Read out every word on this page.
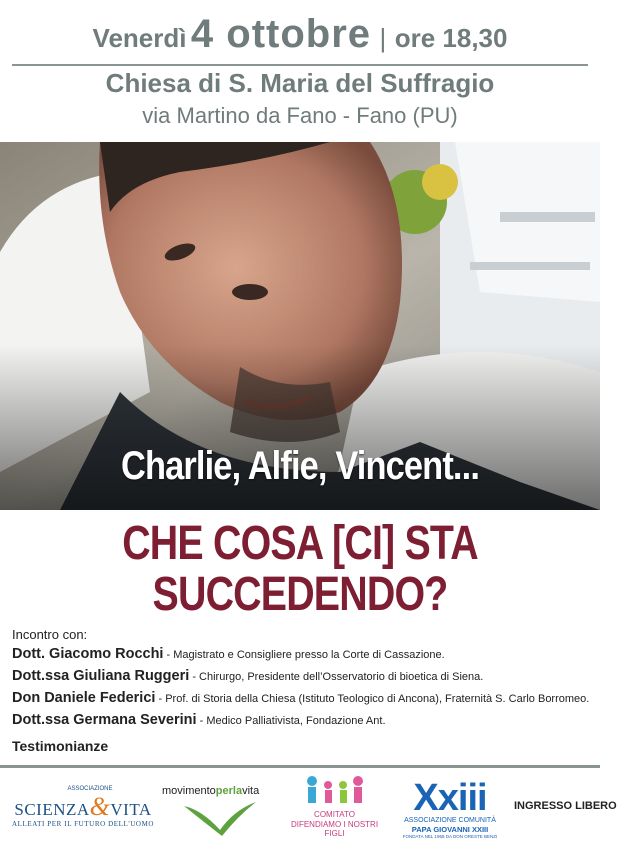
Venerdì 4 ottobre | ore 18,30
Chiesa di S. Maria del Suffragio
via Martino da Fano - Fano (PU)
Charlie, Alfie, Vincent...
CHE COSA [CI] STA
SUCCEDENDO?
Incontro con:
Dott. Giacomo Rocchi - Magistrato e Consigliere presso la Corte di Cassazione.
Dott.ssa Giuliana Ruggeri - Chirurgo, Presidente dell’Osservatorio di bioetica di Siena.
Don Daniele Federici - Prof. di Storia della Chiesa (Istituto Teologico di Ancona), Fraternità S. Carlo Borromeo.
Dott.ssa Germana Severini - Medico Palliativista, Fondazione Ant.
Testimonianze
ASSOCIAZIONE
SCIENZA&VITA
ALLEATI PER IL FUTURO DELL'UOMO
movimentoperlavita
COMITATO
DIFENDIAMO I NOSTRI FIGLI
Xxiii
ASSOCIAZIONE COMUNITÀ
PAPA GIOVANNI XXIII
FONDATA NEL 1968 DA DON ORESTE BENZI
INGRESSO LIBERO
